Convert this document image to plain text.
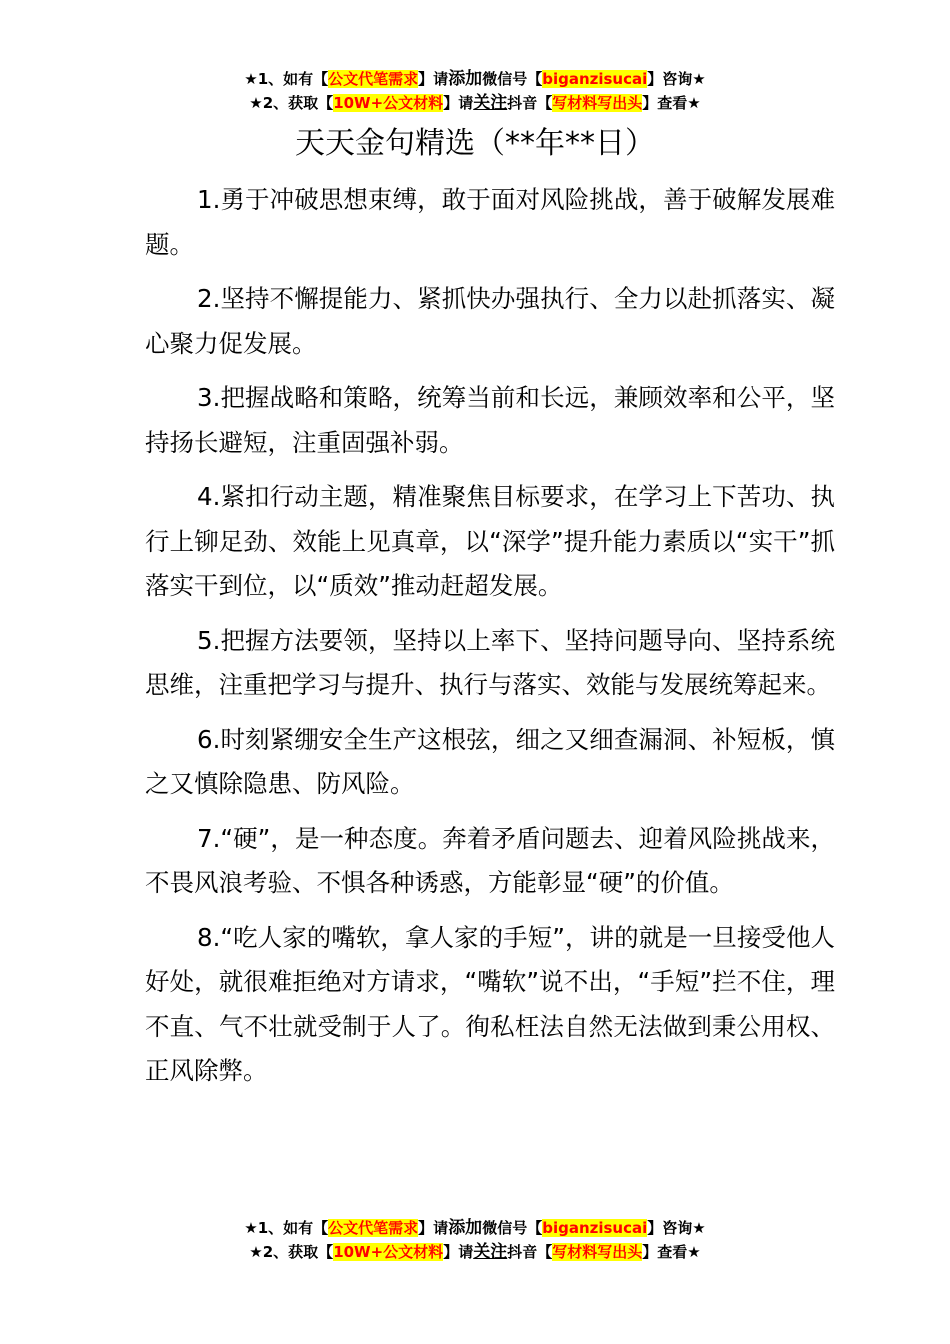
★1、如有【公文代笔需求】请添加微信号【biganzisucai】咨询★
★2、获取【10W+公文材料】请关注抖音【写材料写出头】查看★
天天金句精选（**年**日）

1.勇于冲破思想束缚，敢于面对风险挑战，善于破解发展难题。

2.坚持不懈提能力、紧抓快办强执行、全力以赴抓落实、凝心聚力促发展。

3.把握战略和策略，统筹当前和长远，兼顾效率和公平，坚持扬长避短，注重固强补弱。

4.紧扣行动主题，精准聚焦目标要求，在学习上下苦功、执行上铆足劲、效能上见真章，以“深学”提升能力素质以“实干”抓落实干到位，以“质效”推动赶超发展。

5.把握方法要领，坚持以上率下、坚持问题导向、坚持系统思维，注重把学习与提升、执行与落实、效能与发展统筹起来。

6.时刻紧绷安全生产这根弦，细之又细查漏洞、补短板，慎之又慎除隐患、防风险。

7.“硬”，是一种态度。奔着矛盾问题去、迎着风险挑战来，不畏风浪考验、不惧各种诱惑，方能彰显“硬”的价值。

8.“吃人家的嘴软，拿人家的手短”，讲的就是一旦接受他人好处，就很难拒绝对方请求，“嘴软”说不出，“手短”拦不住，理不直、气不壮就受制于人了。徇私枉法自然无法做到秉公用权、正风除弊。

★1、如有【公文代笔需求】请添加微信号【biganzisucai】咨询★
★2、获取【10W+公文材料】请关注抖音【写材料写出头】查看★
